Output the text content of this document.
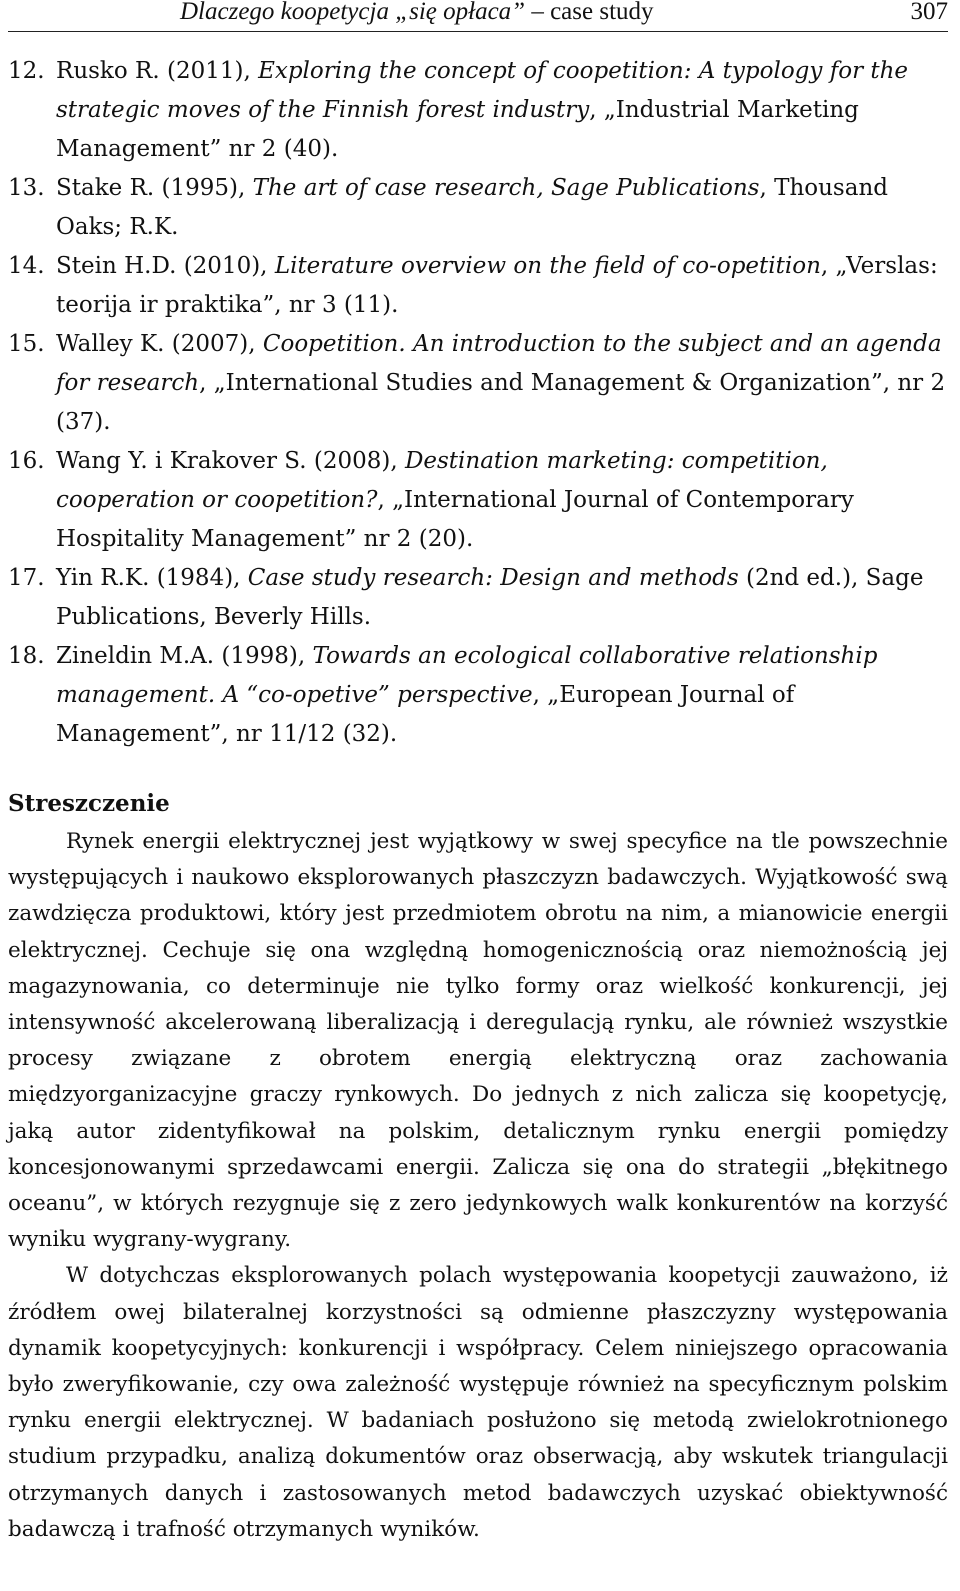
Dlaczego koopetycja „się opłaca” – case study	307
12. Rusko R. (2011), Exploring the concept of coopetition: A typology for the strategic moves of the Finnish forest industry, „Industrial Marketing Management” nr 2 (40).
13. Stake R. (1995), The art of case research, Sage Publications, Thousand Oaks; R.K.
14. Stein H.D. (2010), Literature overview on the field of co-opetition, „Verslas: teorija ir praktika”, nr 3 (11).
15. Walley K. (2007), Coopetition. An introduction to the subject and an agenda for research, „International Studies and Management & Organization”, nr 2 (37).
16. Wang Y. i Krakover S. (2008), Destination marketing: competition, cooperation or coopetition?, „International Journal of Contemporary Hospitality Management” nr 2 (20).
17. Yin R.K. (1984), Case study research: Design and methods (2nd ed.), Sage Publications, Beverly Hills.
18. Zineldin M.A. (1998), Towards an ecological collaborative relationship management. A “co-opetive” perspective, „European Journal of Management”, nr 11/12 (32).
Streszczenie

Rynek energii elektrycznej jest wyjątkowy w swej specyfice na tle powszechnie występujących i naukowo eksplorowanych płaszczyzn badawczych. Wyjątkowość swą zawdzięcza produktowi, który jest przedmiotem obrotu na nim, a mianowicie energii elektrycznej. Cechuje się ona względną homogenicznością oraz niemożnością jej magazynowania, co determinuje nie tylko formy oraz wielkość konkurencji, jej intensywność akcelerowaną liberalizacją i deregulacją rynku, ale również wszystkie procesy związane z obrotem energią elektryczną oraz zachowania międzyorganizacyjne graczy rynkowych. Do jednych z nich zalicza się koopetycję, jaką autor zidentyfikował na polskim, detalicznym rynku energii pomiędzy koncesjonowanymi sprzedawcami energii. Zalicza się ona do strategii „błękitnego oceanu”, w których rezygnuje się z zero jedynkowych walk konkurentów na korzyść wyniku wygrany-wygrany.

W dotychczas eksplorowanych polach występowania koopetycji zauważono, iż źródłem owej bilateralnej korzystności są odmienne płaszczyzny występowania dynamik koopetycyjnych: konkurencji i współpracy. Celem niniejszego opracowania było zweryfikowanie, czy owa zależność występuje również na specyficznym polskim rynku energii elektrycznej. W badaniach posłużono się metodą zwielokrotnionego studium przypadku, analizą dokumentów oraz obserwacją, aby wskutek triangulacji otrzymanych danych i zastosowanych metod badawczych uzyskać obiektywność badawczą i trafność otrzymanych wyników.
